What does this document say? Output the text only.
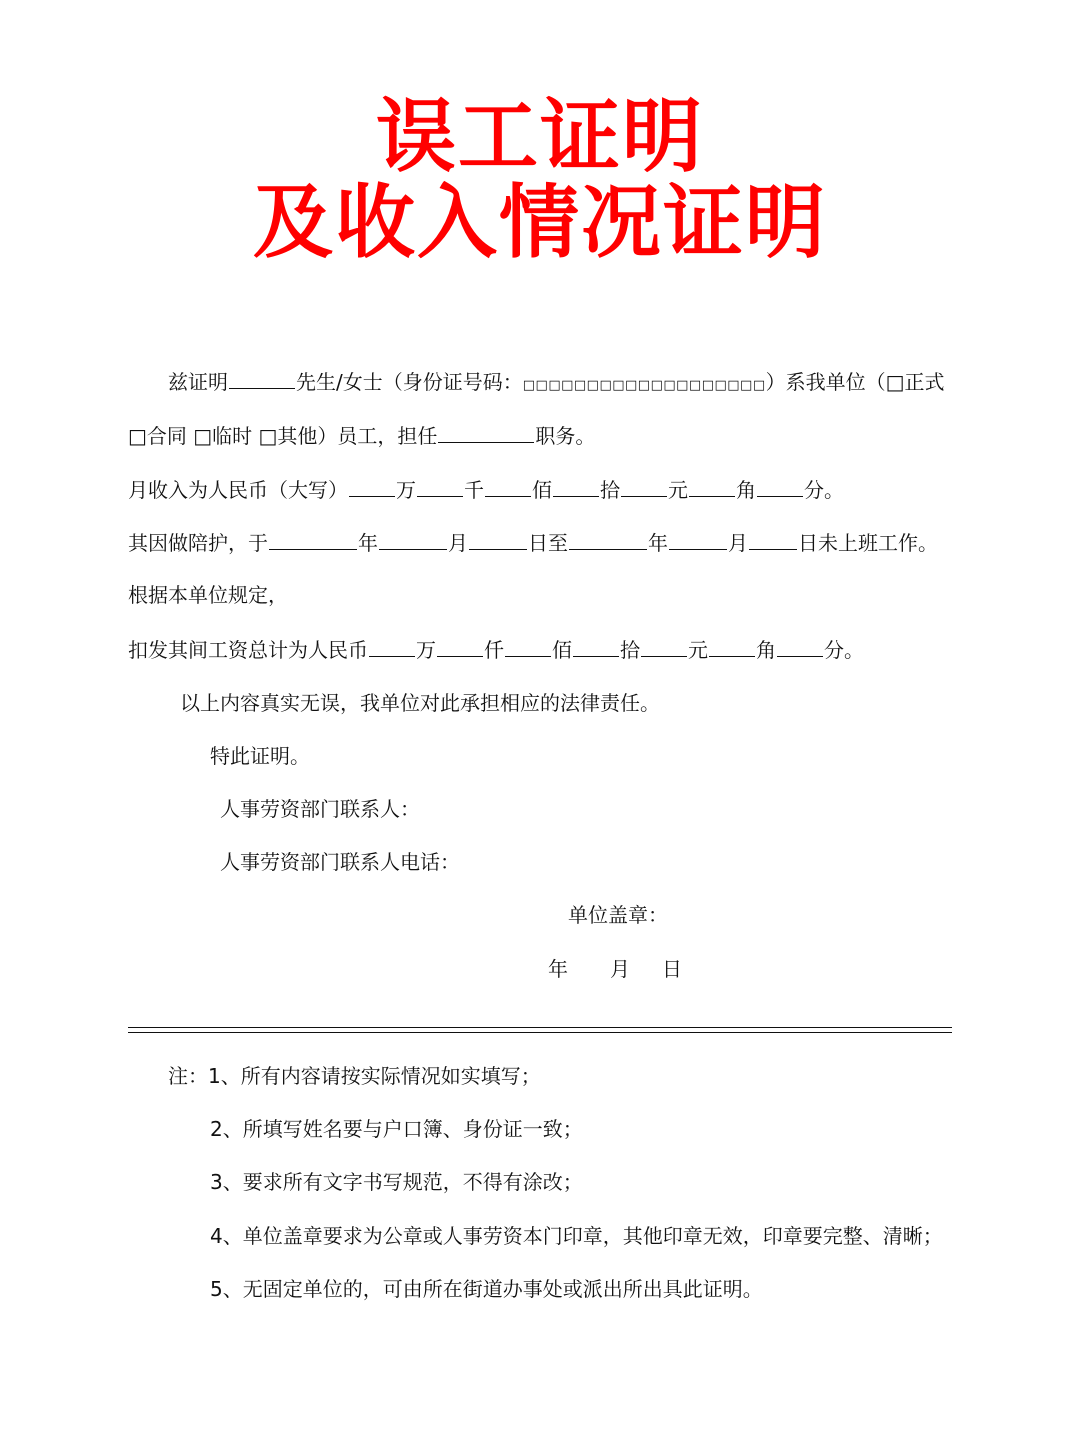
误工证明
及收入情况证明
兹证明	先生/女士（身份证号码：□□□□□□□□□□□□□□□□□□□）系我单位（□正式
□合同 □临时 □其他）员工，担任	职务。
月收入为人民币（大写） 万 千 佰 拾 元 角 分。
其因做陪护，于	年	月	日至	年	月	日未上班工作。
根据本单位规定，
扣发其间工资总计为人民币 万 仟 佰 拾 元 角 分。
以上内容真实无误，我单位对此承担相应的法律责任。
特此证明。
人事劳资部门联系人：
人事劳资部门联系人电话：
单位盖章：
年 月 日
注：1、所有内容请按实际情况如实填写；
2、所填写姓名要与户口簿、身份证一致；
3、要求所有文字书写规范，不得有涂改；
4、单位盖章要求为公章或人事劳资本门印章，其他印章无效，印章要完整、清晰；
5、无固定单位的，可由所在街道办事处或派出所出具此证明。
